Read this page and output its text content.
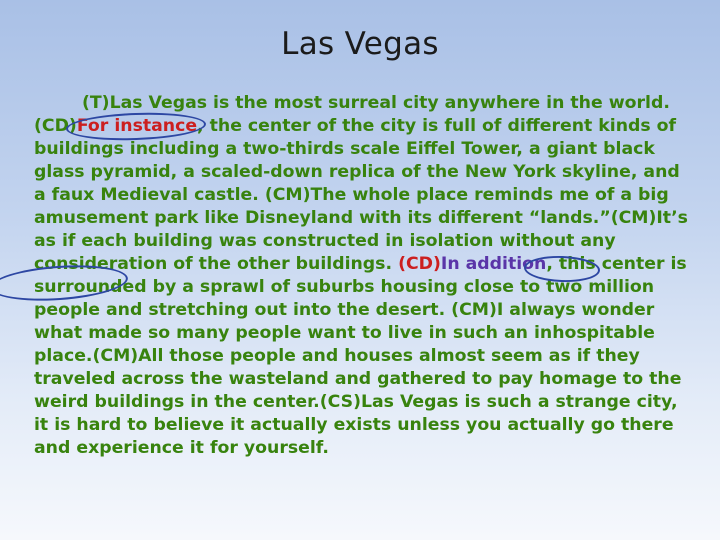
Las Vegas

(T)Las Vegas is the most surreal city anywhere in the world. (CD)For instance, the center of the city is full of different kinds of buildings including a two-thirds scale Eiffel Tower, a giant black glass pyramid, a scaled-down replica of the New York skyline, and a faux Medieval castle. (CM)The whole place reminds me of a big amusement park like Disneyland with its different “lands.”(CM)It’s as if each building was constructed in isolation without any consideration of the other buildings. (CD)In addition, this center is surrounded by a sprawl of suburbs housing close to two million people and stretching out into the desert. (CM)I always wonder what made so many people want to live in such an inhospitable place.(CM)All those people and houses almost seem as if they traveled across the wasteland and gathered to pay homage to the weird buildings in the center.(CS)Las Vegas is such a strange city, it is hard to believe it actually exists unless you actually go there and experience it for yourself.
